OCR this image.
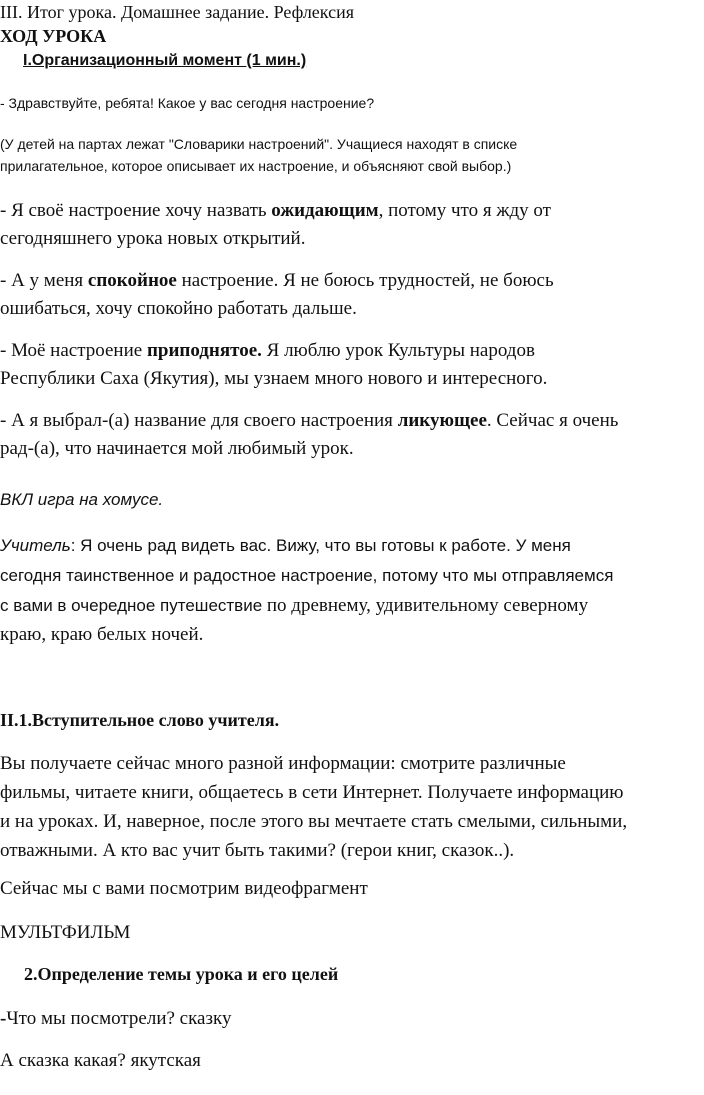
III. Итог урока. Домашнее задание. Рефлексия

ХОД УРОКА

I.Организационный момент (1 мин.)

- Здравствуйте, ребята! Какое у вас сегодня настроение?

(У детей на партах лежат "Словарики настроений". Учащиеся находят в списке

прилагательное, которое описывает их настроение, и объясняют свой выбор.)

- Я своё настроение хочу назвать ожидающим, потому что я жду от

сегодняшнего урока новых открытий.

- А у меня спокойное настроение. Я не боюсь трудностей, не боюсь

ошибаться, хочу спокойно работать дальше.

- Моё настроение приподнятое. Я люблю урок Культуры народов

Республики Саха (Якутия), мы узнаем много нового и интересного.

- А я выбрал-(а) название для своего настроения ликующее. Сейчас я очень

рад-(а), что начинается мой любимый урок.

ВКЛ игра на хомусе.

Учитель: Я очень рад видеть вас. Вижу, что вы готовы к работе. У меня

сегодня таинственное и радостное настроение, потому что мы отправляемся

с вами в очередное путешествие по древнему, удивительному северному

краю, краю белых ночей.

II.1.Вступительное слово учителя.

Вы получаете сейчас много разной информации: смотрите различные

фильмы, читаете книги, общаетесь в сети Интернет. Получаете информацию

и на уроках. И, наверное, после этого вы мечтаете стать смелыми, сильными,

отважными. А кто вас учит быть такими? (герои книг, сказок..).

Сейчас мы с вами посмотрим видеофрагмент

МУЛЬТФИЛЬМ

2.Определение темы урока и его целей

-Что мы посмотрели? сказку

А сказка какая? якутская
